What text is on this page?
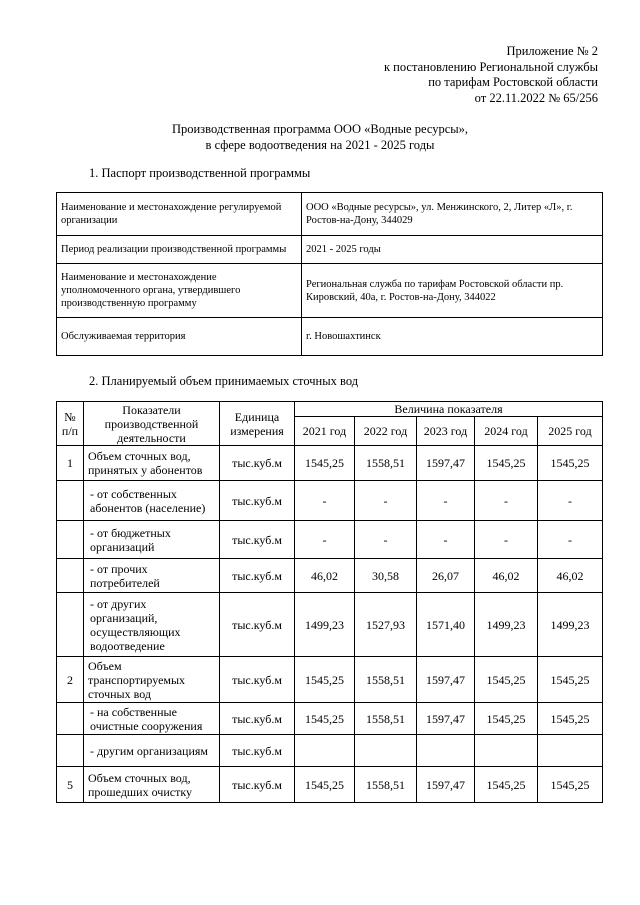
Приложение № 2
к постановлению Региональной службы
по тарифам Ростовской области
от 22.11.2022 № 65/256
Производственная программа ООО «Водные ресурсы»,
в сфере водоотведения на 2021 - 2025 годы
1. Паспорт производственной программы
Наименование и местонахождение регулируемой организации	ООО «Водные ресурсы», ул. Менжинского, 2, Литер «Л», г. Ростов-на-Дону, 344029
Период реализации производственной программы	2021 - 2025 годы
Наименование и местонахождение уполномоченного органа, утвердившего производственную программу	Региональная служба по тарифам Ростовской области пр. Кировский, 40а, г. Ростов-на-Дону, 344022
Обслуживаемая территория	г. Новошахтинск
2. Планируемый объем принимаемых сточных вод
№ п/п	Показатели производственной деятельности	Единица измерения	Величина показателя				
			2021 год	2022 год	2023 год	2024 год	2025 год
1	Объем сточных вод, принятых у абонентов	тыс.куб.м	1545,25	1558,51	1597,47	1545,25	1545,25
	- от собственных абонентов (население)	тыс.куб.м	-	-	-	-	-
	- от бюджетных организаций	тыс.куб.м	-	-	-	-	-
	- от прочих потребителей	тыс.куб.м	46,02	30,58	26,07	46,02	46,02
	- от других организаций, осуществляющих водоотведение	тыс.куб.м	1499,23	1527,93	1571,40	1499,23	1499,23
2	Объем транспортируемых сточных вод	тыс.куб.м	1545,25	1558,51	1597,47	1545,25	1545,25
	- на собственные очистные сооружения	тыс.куб.м	1545,25	1558,51	1597,47	1545,25	1545,25
	- другим организациям	тыс.куб.м					
5	Объем сточных вод, прошедших очистку	тыс.куб.м	1545,25	1558,51	1597,47	1545,25	1545,25
